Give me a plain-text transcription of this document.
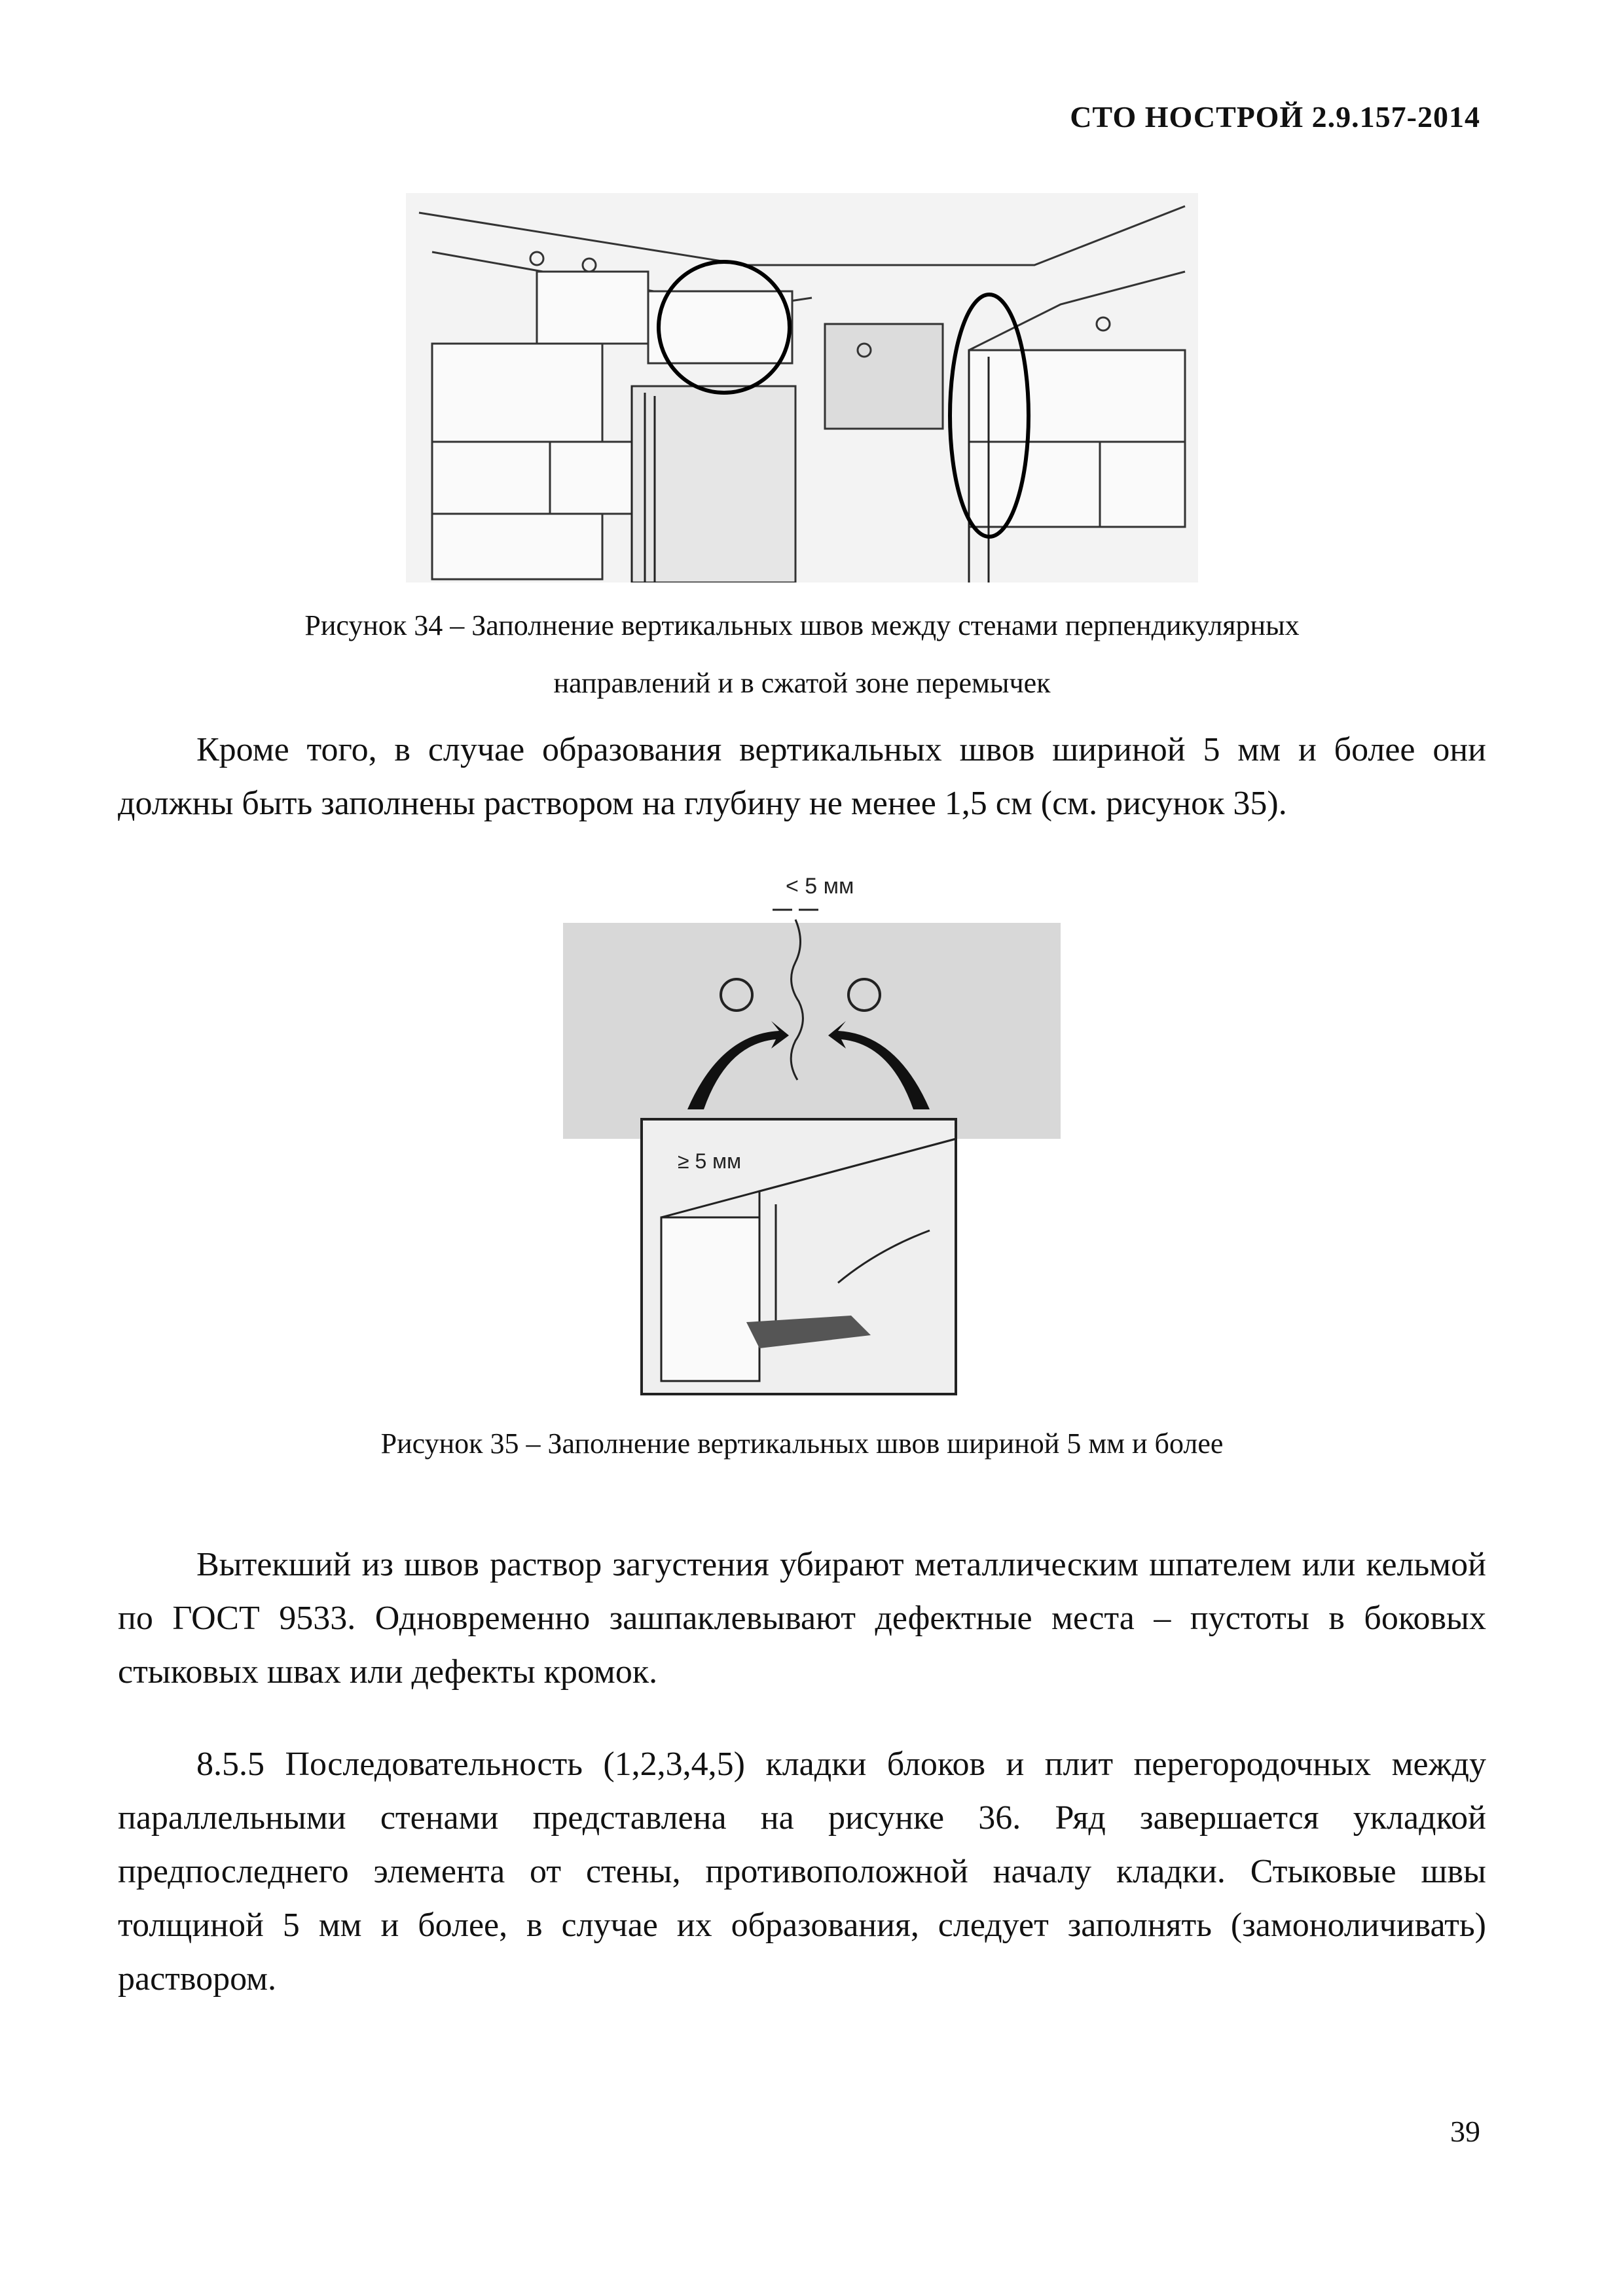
СТО НОСТРОЙ 2.9.157-2014
Рисунок 34 – Заполнение вертикальных швов между стенами перпендикулярных
направлений и в сжатой зоне перемычек
Кроме того, в случае образования вертикальных швов шириной 5 мм и более они должны быть заполнены раствором на глубину не менее 1,5 см (см. рисунок 35).
< 5 мм
≥ 5 мм
Рисунок 35 – Заполнение вертикальных швов шириной 5 мм и более
Вытекший из швов раствор загустения убирают металлическим шпателем или кельмой по ГОСТ 9533. Одновременно зашпаклевывают дефектные места – пустоты в боковых стыковых швах или дефекты кромок.
8.5.5 Последовательность (1,2,3,4,5) кладки блоков и плит перегородочных между параллельными стенами представлена на рисунке 36. Ряд завершается укладкой предпоследнего элемента от стены, противоположной началу кладки. Стыковые швы толщиной 5 мм и более, в случае их образования, следует заполнять (замоноличивать) раствором.
39
